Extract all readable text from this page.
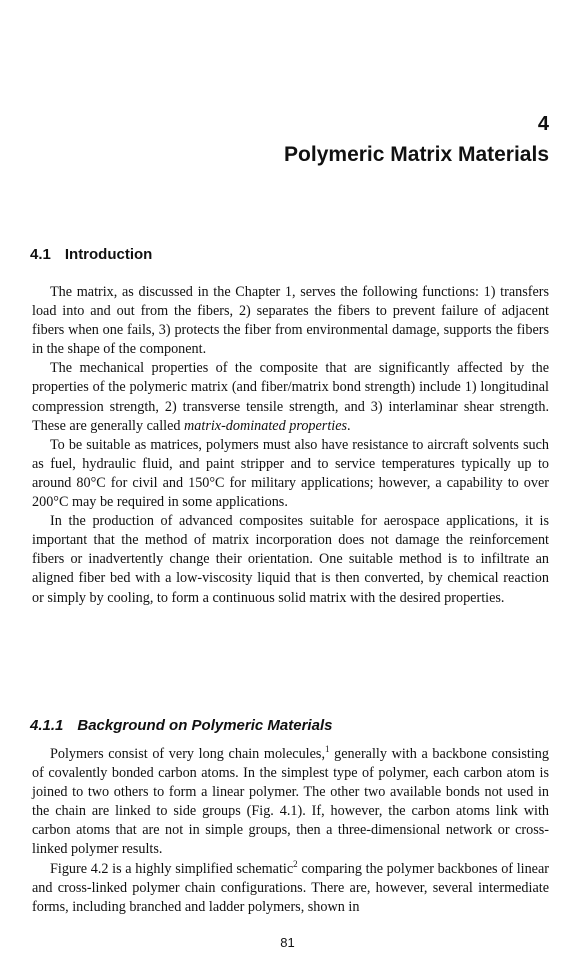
4
Polymeric Matrix Materials
4.1 Introduction

The matrix, as discussed in the Chapter 1, serves the following functions: 1) transfers load into and out from the fibers, 2) separates the fibers to prevent failure of adjacent fibers when one fails, 3) protects the fiber from environmental damage, supports the fibers in the shape of the component.

The mechanical properties of the composite that are significantly affected by the properties of the polymeric matrix (and fiber/matrix bond strength) include 1) longitudinal compression strength, 2) transverse tensile strength, and 3) interlaminar shear strength. These are generally called matrix-dominated properties.

To be suitable as matrices, polymers must also have resistance to aircraft solvents such as fuel, hydraulic fluid, and paint stripper and to service temperatures typically up to around 80°C for civil and 150°C for military applications; however, a capability to over 200°C may be required in some applications.

In the production of advanced composites suitable for aerospace applications, it is important that the method of matrix incorporation does not damage the reinforcement fibers or inadvertently change their orientation. One suitable method is to infiltrate an aligned fiber bed with a low-viscosity liquid that is then converted, by chemical reaction or simply by cooling, to form a continuous solid matrix with the desired properties.

4.1.1 Background on Polymeric Materials

Polymers consist of very long chain molecules,$^1$ generally with a backbone consisting of covalently bonded carbon atoms. In the simplest type of polymer, each carbon atom is joined to two others to form a linear polymer. The other two available bonds not used in the chain are linked to side groups (Fig. 4.1). If, however, the carbon atoms link with carbon atoms that are not in simple groups, then a three-dimensional network or cross-linked polymer results.

Figure 4.2 is a highly simplified schematic$^2$ comparing the polymer backbones of linear and cross-linked polymer chain configurations. There are, however, several intermediate forms, including branched and ladder polymers, shown in

81
